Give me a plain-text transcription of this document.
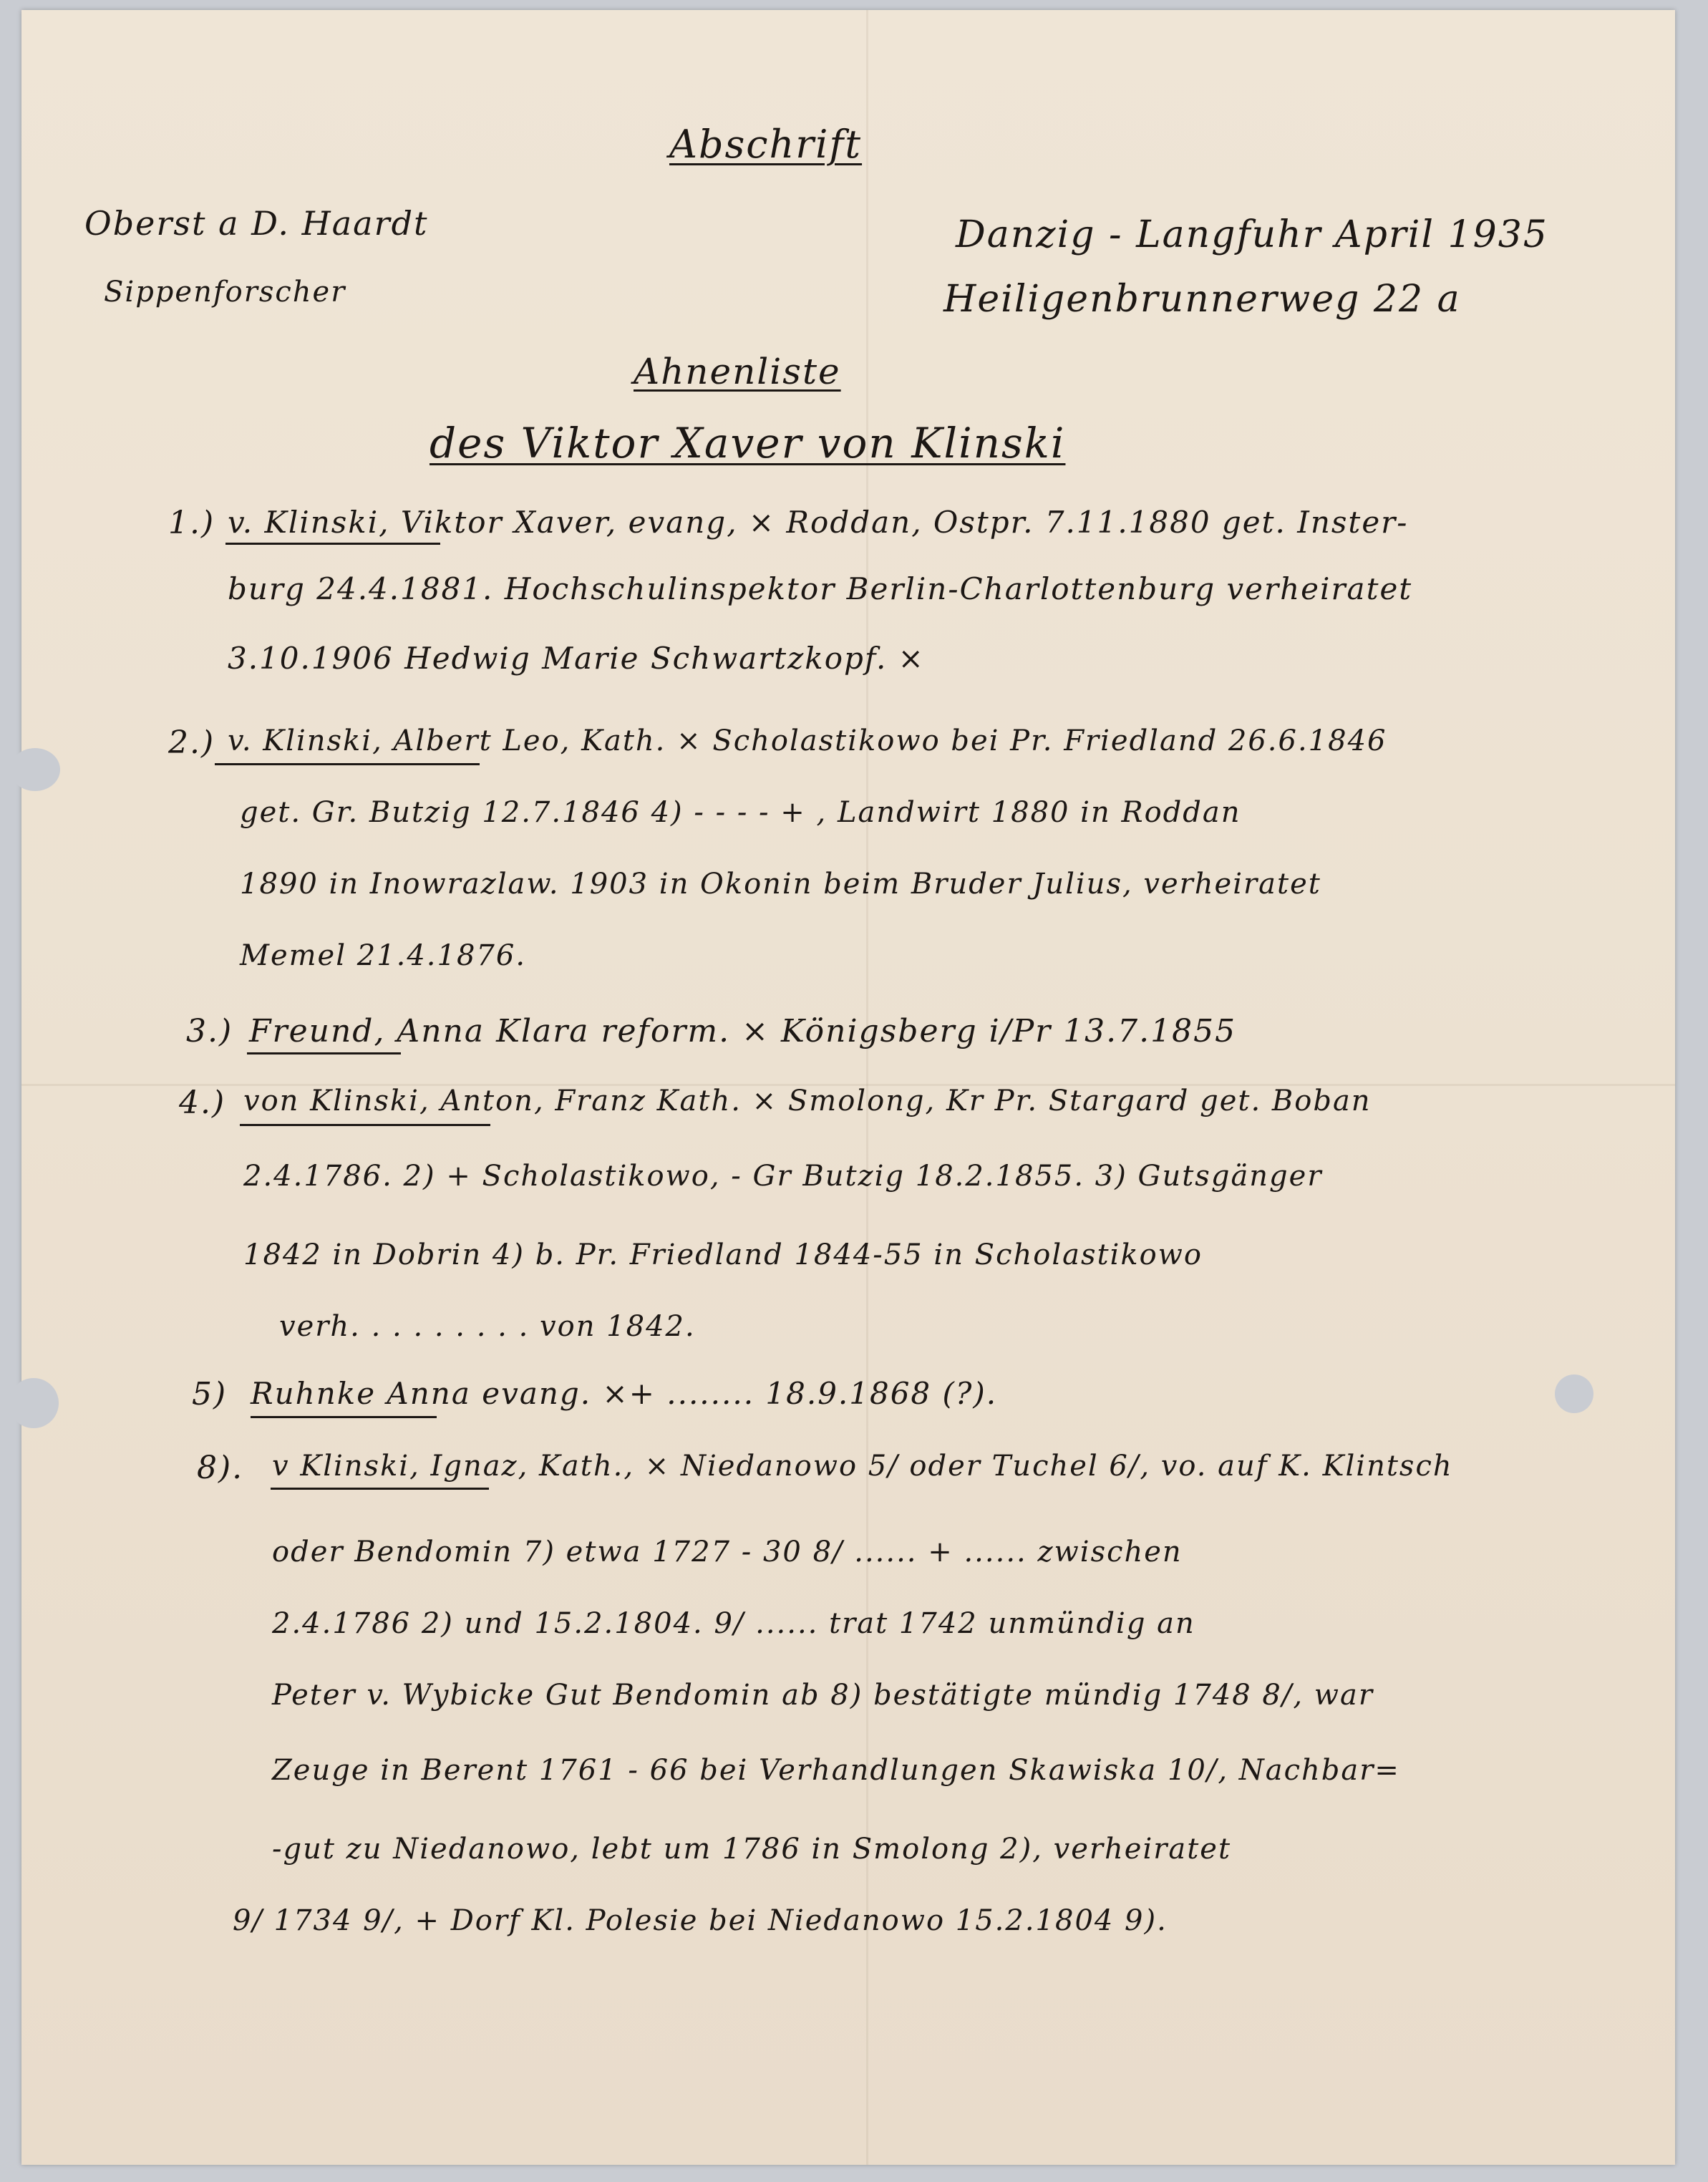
Abschrift
Oberst a D. Haardt
Sippenforscher
Danzig - Langfuhr April 1935
Heiligenbrunnerweg 22 a
Ahnenliste
des Viktor Xaver von Klinski
1.) v. Klinski, Viktor Xaver, evang, × Roddan, Ostpr. 7.11.1880 get. Inster-
burg 24.4.1881. Hochschulinspektor Berlin-Charlottenburg verheiratet
3.10.1906 Hedwig Marie Schwartzkopf. ×
2.) v. Klinski, Albert Leo, Kath. × Scholastikowo bei Pr. Friedland 26.6.1846
get. Gr. Butzig 12.7.1846 4) - - - - + , Landwirt 1880 in Roddan
1890 in Inowrazlaw. 1903 in Okonin beim Bruder Julius, verheiratet
Memel 21.4.1876.
3.) Freund, Anna Klara reform. × Königsberg i/Pr 13.7.1855
4.) von Klinski, Anton, Franz Kath. × Smolong, Kr Pr. Stargard get. Boban
2.4.1786. 2) + Scholastikowo, - Gr Butzig 18.2.1855. 3) Gutsgänger
1842 in Dobrin 4) b. Pr. Friedland 1844-55 in Scholastikowo
verh. . . . . . . . . von 1842.
5) Ruhnke Anna evang. ×+ ........ 18.9.1868 (?).
8). v Klinski, Ignaz, Kath., × Niedanowo 5/ oder Tuchel 6/, vo. auf K. Klintsch
oder Bendomin 7) etwa 1727 - 30 8/ ...... + ...... zwischen
2.4.1786 2) und 15.2.1804. 9/ ...... trat 1742 unmündig an
Peter v. Wybicke Gut Bendomin ab 8) bestätigte mündig 1748 8/, war
Zeuge in Berent 1761 - 66 bei Verhandlungen Skawiska 10/, Nachbar=
-gut zu Niedanowo, lebt um 1786 in Smolong 2), verheiratet
9/ 1734 9/, + Dorf Kl. Polesie bei Niedanowo 15.2.1804 9).
